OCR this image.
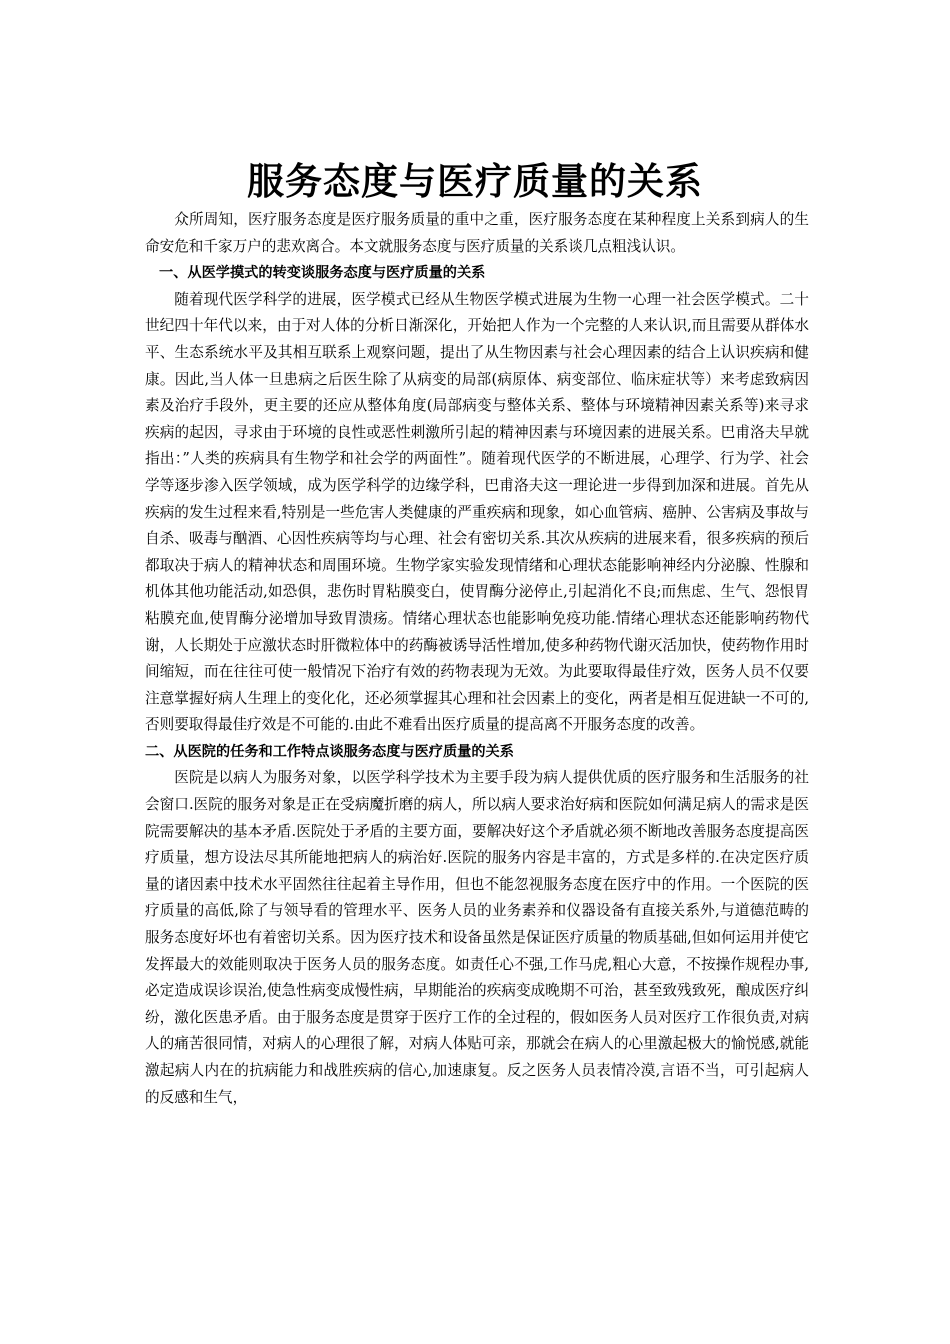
服务态度与医疗质量的关系

众所周知，医疗服务态度是医疗服务质量的重中之重，医疗服务态度在某种程度上关系到病人的生命安危和千家万户的悲欢离合。本文就服务态度与医疗质量的关系谈几点粗浅认识。

一、从医学摸式的转变谈服务态度与医疗质量的关系

随着现代医学科学的进展，医学模式已经从生物医学模式进展为生物一心理一社会医学模式。二十世纪四十年代以来，由于对人体的分析日渐深化，开始把人作为一个完整的人来认识,而且需要从群体水平、生态系统水平及其相互联系上观察问题，提出了从生物因素与社会心理因素的结合上认识疾病和健康。因此,当人体一旦患病之后医生除了从病变的局部(病原体、病变部位、临床症状等）来考虑致病因素及治疗手段外，更主要的还应从整体角度(局部病变与整体关系、整体与环境精神因素关系等)来寻求疾病的起因，寻求由于环境的良性或恶性刺激所引起的精神因素与环境因素的进展关系。巴甫洛夫早就指出：”人类的疾病具有生物学和社会学的两面性”。随着现代医学的不断进展，心理学、行为学、社会学等逐步渗入医学领域，成为医学科学的边缘学科，巴甫洛夫这一理论进一步得到加深和进展。首先从疾病的发生过程来看,特别是一些危害人类健康的严重疾病和现象，如心血管病、癌肿、公害病及事故与自杀、吸毒与酗酒、心因性疾病等均与心理、社会有密切关系.其次从疾病的进展来看，很多疾病的预后都取决于病人的精神状态和周围环境。生物学家实验发现情绪和心理状态能影响神经内分泌腺、性腺和机体其他功能活动,如恐俱，悲伤时胃粘膜变白，使胃酶分泌停止,引起消化不良;而焦虑、生气、怨恨胃粘膜充血,使胃酶分泌增加导致胃溃疡。情绪心理状态也能影响免疫功能.情绪心理状态还能影响药物代谢，人长期处于应激状态时肝微粒体中的药酶被诱导活性增加,使多种药物代谢灭活加快，使药物作用时间缩短，而在往往可使一般情况下治疗有效的药物表现为无效。为此要取得最佳疗效，医务人员不仅要注意掌握好病人生理上的变化化，还必须掌握其心理和社会因素上的变化，两者是相互促进缺一不可的,否则要取得最佳疗效是不可能的.由此不难看出医疗质量的提高离不开服务态度的改善。

二、从医院的任务和工作特点谈服务态度与医疗质量的关系

医院是以病人为服务对象，以医学科学技术为主要手段为病人提供优质的医疗服务和生活服务的社会窗口.医院的服务对象是正在受病魔折磨的病人，所以病人要求治好病和医院如何满足病人的需求是医院需要解决的基本矛盾.医院处于矛盾的主要方面，要解决好这个矛盾就必须不断地改善服务态度提高医疗质量，想方设法尽其所能地把病人的病治好.医院的服务内容是丰富的，方式是多样的.在决定医疗质量的诸因素中技术水平固然往往起着主导作用，但也不能忽视服务态度在医疗中的作用。一个医院的医疗质量的高低,除了与领导看的管理水平、医务人员的业务素养和仪器设备有直接关系外,与道德范畴的服务态度好坏也有着密切关系。因为医疗技术和设备虽然是保证医疗质量的物质基础,但如何运用并使它发挥最大的效能则取决于医务人员的服务态度。如责任心不强,工作马虎,粗心大意，不按操作规程办事,必定造成误诊误治,使急性病变成慢性病，早期能治的疾病变成晚期不可治，甚至致残致死，酿成医疗纠纷，激化医患矛盾。由于服务态度是贯穿于医疗工作的全过程的，假如医务人员对医疗工作很负责,对病人的痛苦很同情，对病人的心理很了解，对病人体贴可亲，那就会在病人的心里激起极大的愉悦感,就能激起病人内在的抗病能力和战胜疾病的信心,加速康复。反之医务人员表情冷漠,言语不当，可引起病人的反感和生气，
